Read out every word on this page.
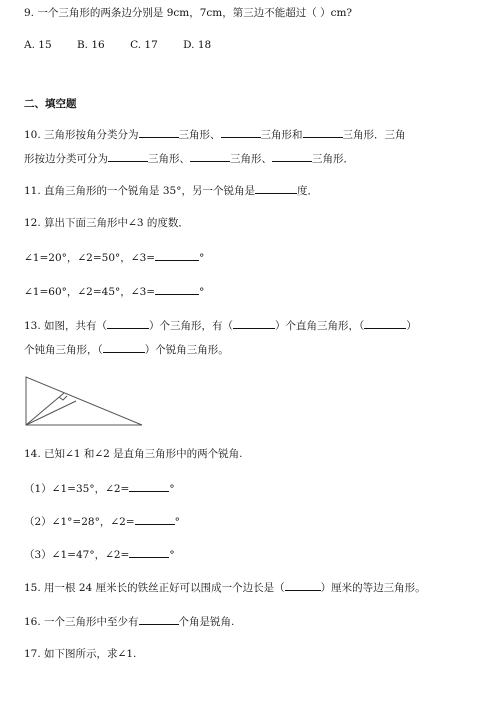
9. 一个三角形的两条边分别是 9cm，7cm，第三边不能超过（ ）cm?
A. 15 B. 16 C. 17 D. 18
二、填空题
10. 三角形按角分类分为	三角形、	三角形和	三角形．三角
形按边分类可分为	三角形、	三角形、	三角形．
11. 直角三角形的一个锐角是 35°，另一个锐角是	度．
12. 算出下面三角形中∠3 的度数．
∠1=20°，∠2=50°，∠3=	°
∠1=60°，∠2=45°，∠3=	°
13. 如图，共有（	）个三角形，有（	）个直角三角形，（	）
个钝角三角形，（	）个锐角三角形。
14. 已知∠1 和∠2 是直角三角形中的两个锐角.
（1）∠1=35°，∠2=	°
（2）∠1°=28°，∠2=	°
（3）∠1=47°，∠2=	°
15. 用一根 24 厘米长的铁丝正好可以围成一个边长是（	）厘米的等边三角形。
16. 一个三角形中至少有	个角是锐角.
17. 如下图所示，求∠1.
